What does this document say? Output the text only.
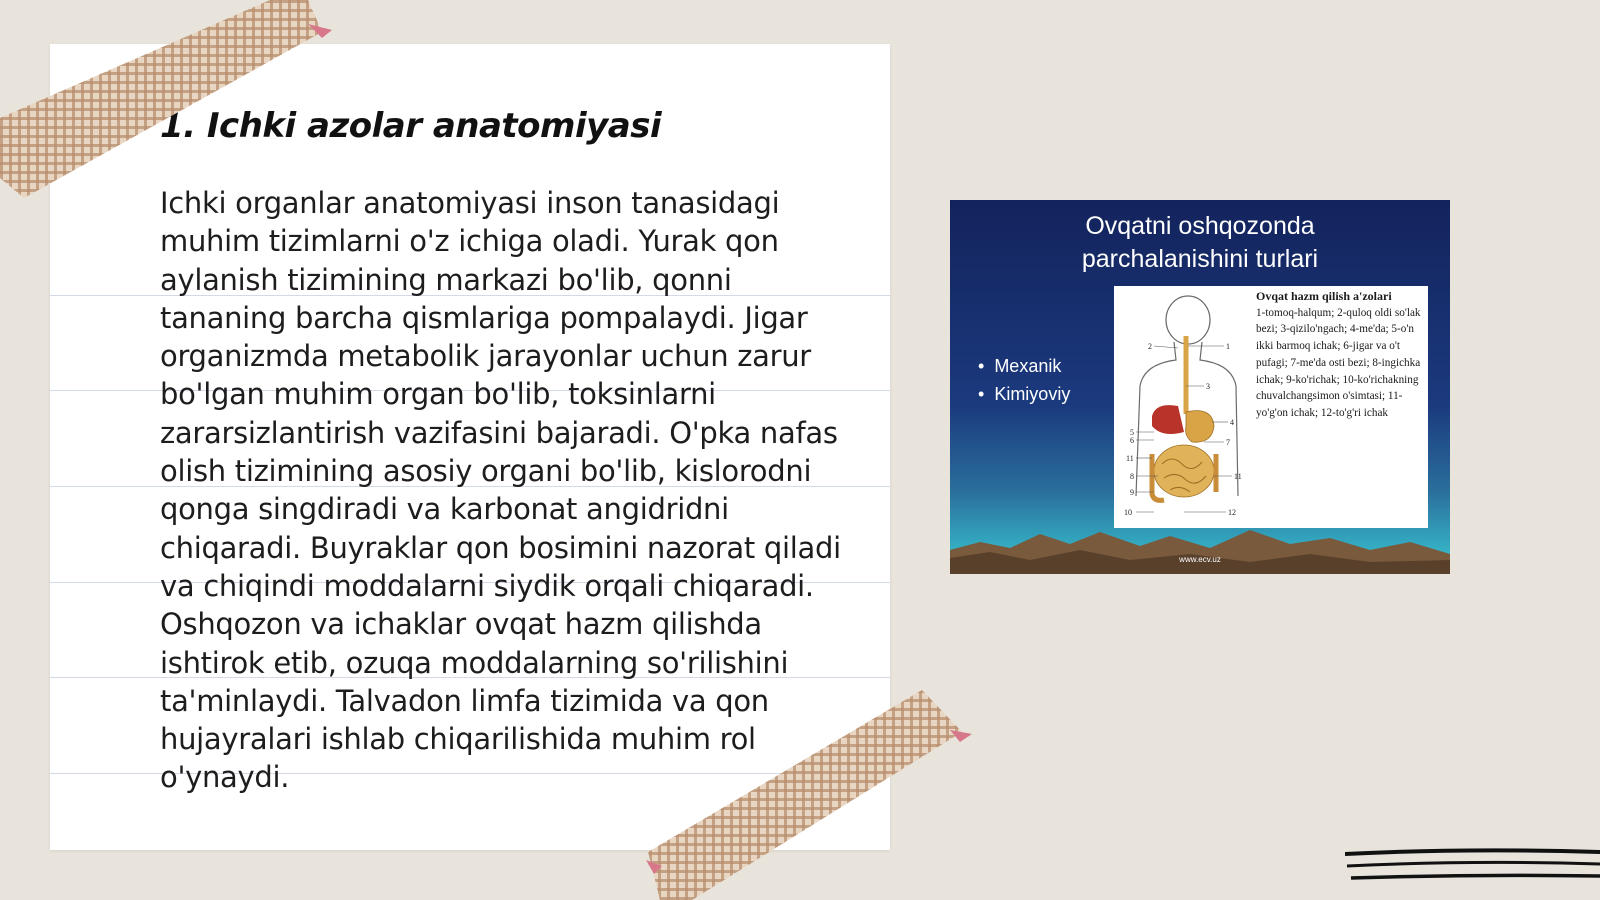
1. Ichki azolar anatomiyasi

Ichki organlar anatomiyasi inson tanasidagi muhim tizimlarni o'z ichiga oladi. Yurak qon aylanish tizimining markazi bo'lib, qonni tananing barcha qismlariga pompalaydi. Jigar organizmda metabolik jarayonlar uchun zarur bo'lgan muhim organ bo'lib, toksinlarni zararsizlantirish vazifasini bajaradi. O'pka nafas olish tizimining asosiy organi bo'lib, kislorodni qonga singdiradi va karbonat angidridni chiqaradi. Buyraklar qon bosimini nazorat qiladi va chiqindi moddalarni siydik orqali chiqaradi. Oshqozon va ichaklar ovqat hazm qilishda ishtirok etib, ozuqa moddalarning so'rilishini ta'minlaydi. Talvadon limfa tizimida va qon hujayralari ishlab chiqarilishida muhim rol o'ynaydi.

Ovqatni oshqozonda
parchalanishini turlari
• Mexanik
• Kimiyoviy
1
2
3
4
5
6	7
8
9
10
11
11
12
Ovqat hazm qilish a'zolari
1-tomoq-halqum; 2-quloq oldi so'lak bezi; 3-qizilo'ngach; 4-me'da; 5-o'n ikki barmoq ichak; 6-jigar va o't pufagi; 7-me'da osti bezi; 8-ingichka ichak; 9-ko'richak; 10-ko'richakning chuvalchangsimon o'simtasi; 11-yo'g'on ichak; 12-to'g'ri ichak
www.ecv.uz
